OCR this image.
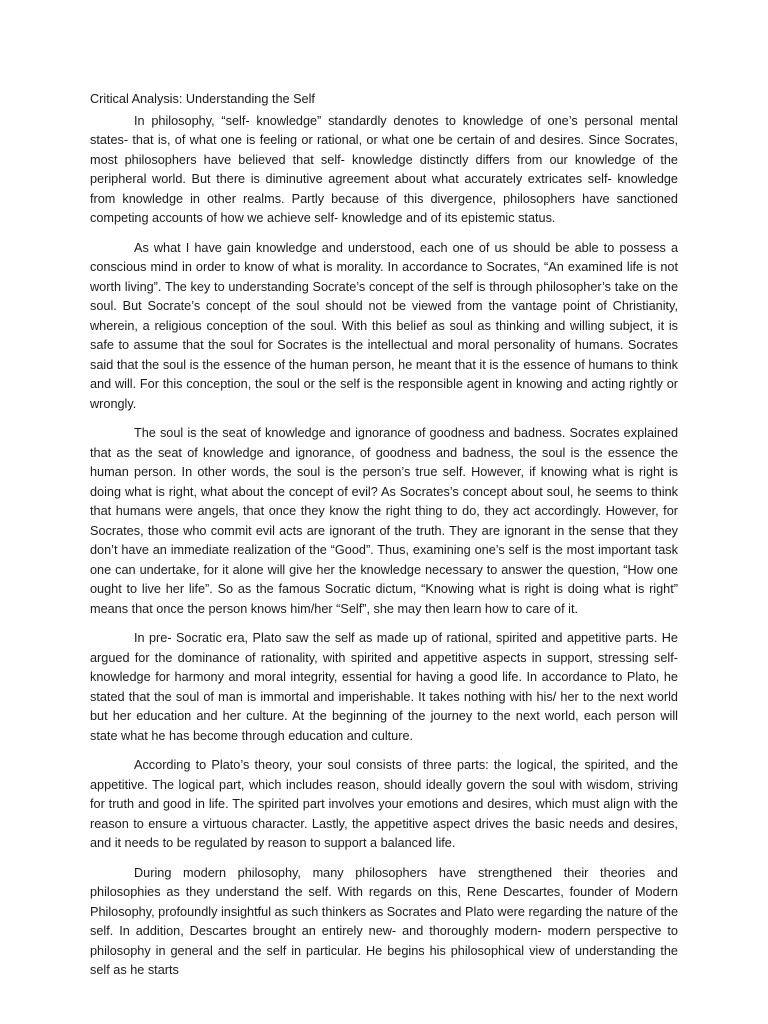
Critical Analysis: Understanding the Self

In philosophy, “self- knowledge” standardly denotes to knowledge of one’s personal mental states- that is, of what one is feeling or rational, or what one be certain of and desires. Since Socrates, most philosophers have believed that self- knowledge distinctly differs from our knowledge of the peripheral world. But there is diminutive agreement about what accurately extricates self- knowledge from knowledge in other realms. Partly because of this divergence, philosophers have sanctioned competing accounts of how we achieve self- knowledge and of its epistemic status.

As what I have gain knowledge and understood, each one of us should be able to possess a conscious mind in order to know of what is morality. In accordance to Socrates, “An examined life is not worth living”. The key to understanding Socrate’s concept of the self is through philosopher’s take on the soul. But Socrate’s concept of the soul should not be viewed from the vantage point of Christianity, wherein, a religious conception of the soul. With this belief as soul as thinking and willing subject, it is safe to assume that the soul for Socrates is the intellectual and moral personality of humans. Socrates said that the soul is the essence of the human person, he meant that it is the essence of humans to think and will. For this conception, the soul or the self is the responsible agent in knowing and acting rightly or wrongly.

The soul is the seat of knowledge and ignorance of goodness and badness. Socrates explained that as the seat of knowledge and ignorance, of goodness and badness, the soul is the essence the human person. In other words, the soul is the person’s true self. However, if knowing what is right is doing what is right, what about the concept of evil? As Socrates’s concept about soul, he seems to think that humans were angels, that once they know the right thing to do, they act accordingly. However, for Socrates, those who commit evil acts are ignorant of the truth. They are ignorant in the sense that they don’t have an immediate realization of the “Good”. Thus, examining one’s self is the most important task one can undertake, for it alone will give her the knowledge necessary to answer the question, “How one ought to live her life”. So as the famous Socratic dictum, “Knowing what is right is doing what is right” means that once the person knows him/her “Self”, she may then learn how to care of it.

In pre- Socratic era, Plato saw the self as made up of rational, spirited and appetitive parts. He argued for the dominance of rationality, with spirited and appetitive aspects in support, stressing self-knowledge for harmony and moral integrity, essential for having a good life. In accordance to Plato, he stated that the soul of man is immortal and imperishable. It takes nothing with his/ her to the next world but her education and her culture. At the beginning of the journey to the next world, each person will state what he has become through education and culture.

According to Plato’s theory, your soul consists of three parts: the logical, the spirited, and the appetitive. The logical part, which includes reason, should ideally govern the soul with wisdom, striving for truth and good in life. The spirited part involves your emotions and desires, which must align with the reason to ensure a virtuous character. Lastly, the appetitive aspect drives the basic needs and desires, and it needs to be regulated by reason to support a balanced life.

During modern philosophy, many philosophers have strengthened their theories and philosophies as they understand the self. With regards on this, Rene Descartes, founder of Modern Philosophy, profoundly insightful as such thinkers as Socrates and Plato were regarding the nature of the self. In addition, Descartes brought an entirely new- and thoroughly modern- modern perspective to philosophy in general and the self in particular. He begins his philosophical view of understanding the self as he starts
